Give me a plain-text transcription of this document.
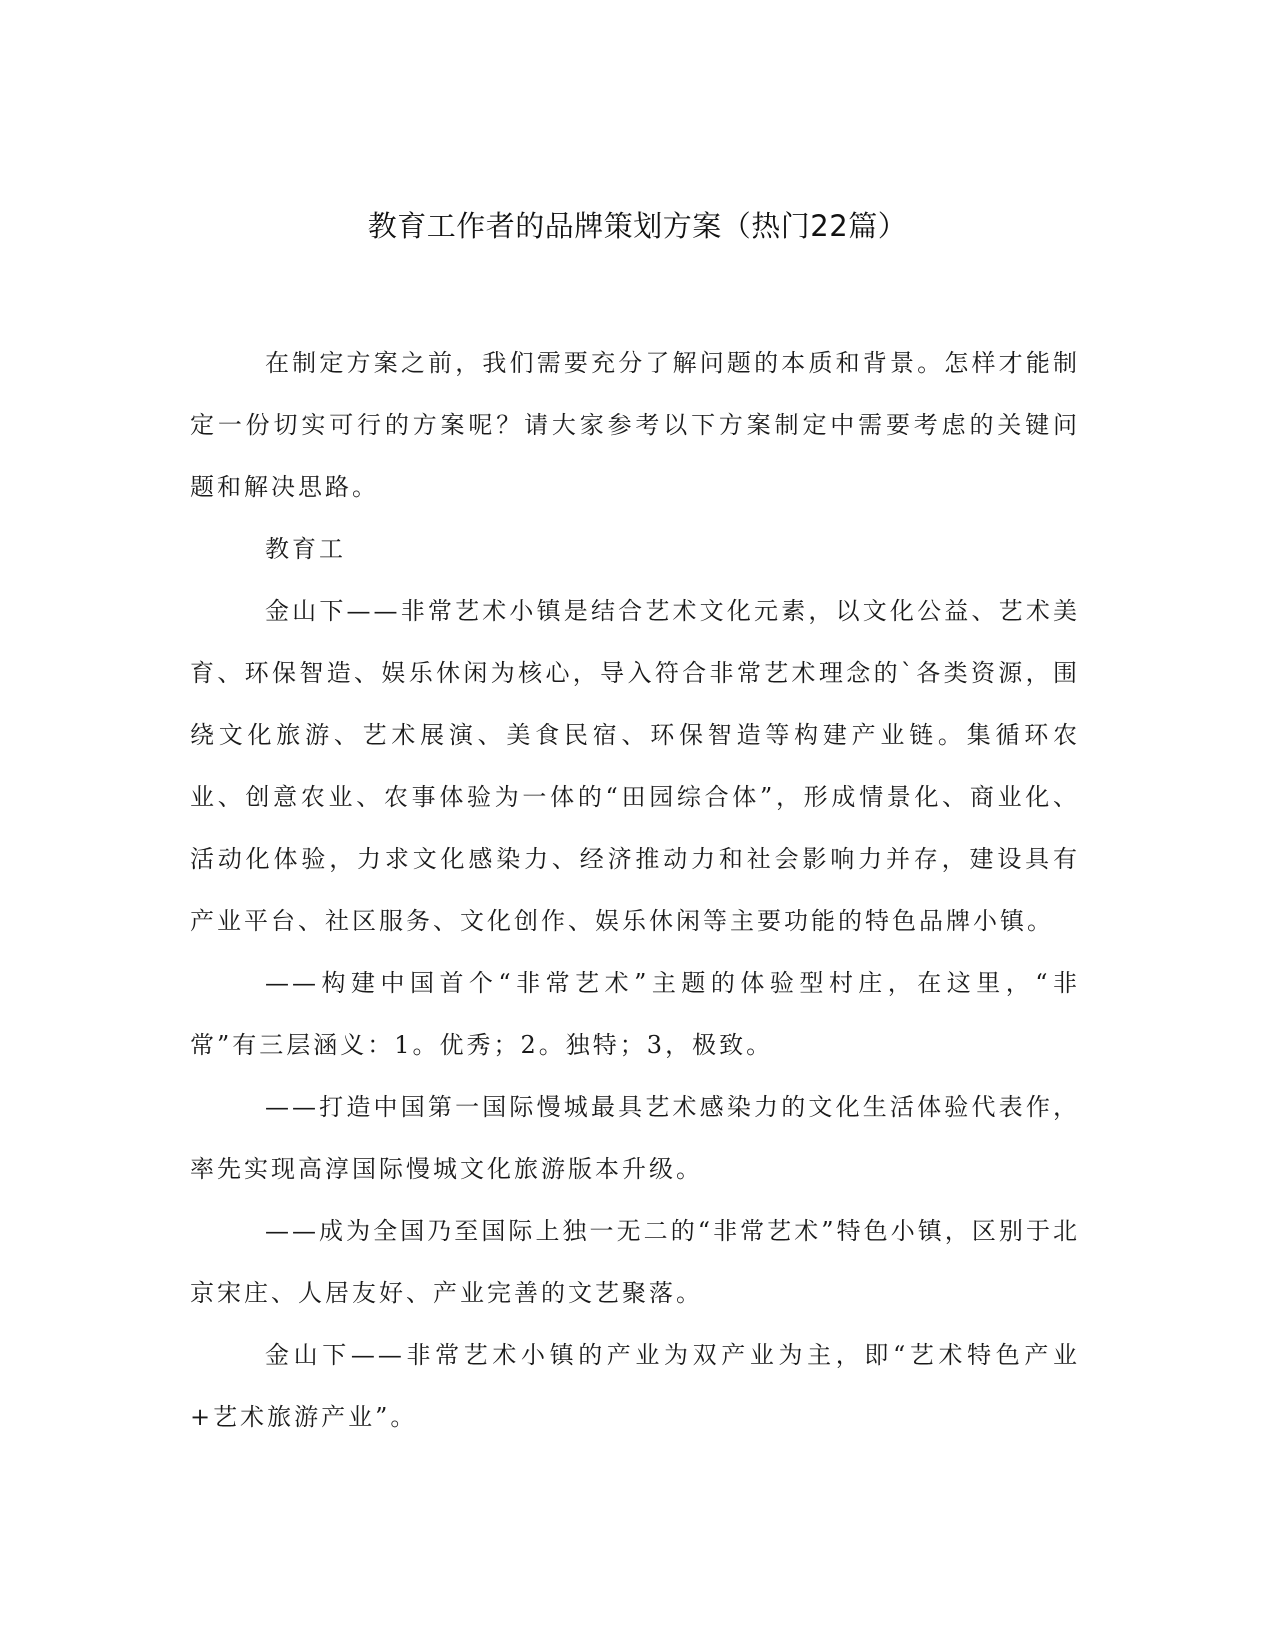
教育工作者的品牌策划方案（热门22篇）

在制定方案之前，我们需要充分了解问题的本质和背景。怎样才能制定一份切实可行的方案呢？请大家参考以下方案制定中需要考虑的关键问题和解决思路。

教育工

金山下——非常艺术小镇是结合艺术文化元素，以文化公益、艺术美育、环保智造、娱乐休闲为核心，导入符合非常艺术理念的`各类资源，围绕文化旅游、艺术展演、美食民宿、环保智造等构建产业链。集循环农业、创意农业、农事体验为一体的“田园综合体”，形成情景化、商业化、活动化体验，力求文化感染力、经济推动力和社会影响力并存，建设具有产业平台、社区服务、文化创作、娱乐休闲等主要功能的特色品牌小镇。

——构建中国首个“非常艺术”主题的体验型村庄，在这里，“非常”有三层涵义：1。优秀；2。独特；3，极致。

——打造中国第一国际慢城最具艺术感染力的文化生活体验代表作，率先实现高淳国际慢城文化旅游版本升级。

——成为全国乃至国际上独一无二的“非常艺术”特色小镇，区别于北京宋庄、人居友好、产业完善的文艺聚落。

金山下——非常艺术小镇的产业为双产业为主，即“艺术特色产业+艺术旅游产业”。
